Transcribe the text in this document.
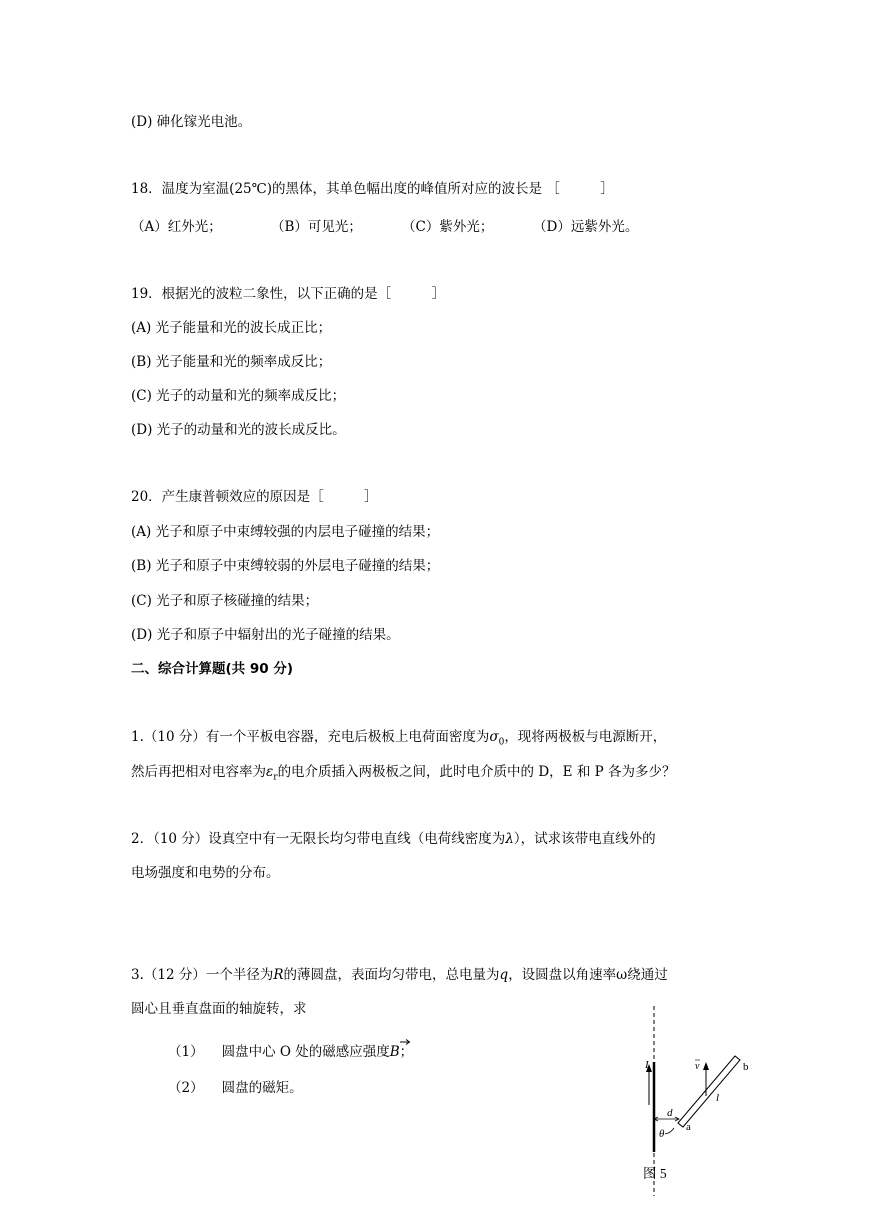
(D) 砷化镓光电池。
18．温度为室温(25℃)的黑体，其单色幅出度的峰值所对应的波长是 ［　　　］
（A）红外光；	（B）可见光；	（C）紫外光；	（D）远紫外光。
19．根据光的波粒二象性，以下正确的是［　　　］
(A) 光子能量和光的波长成正比；
(B) 光子能量和光的频率成反比；
(C) 光子的动量和光的频率成反比；
(D) 光子的动量和光的波长成反比。
20．产生康普顿效应的原因是［　　　］
(A) 光子和原子中束缚较强的内层电子碰撞的结果；
(B) 光子和原子中束缚较弱的外层电子碰撞的结果；
(C) 光子和原子核碰撞的结果；
(D) 光子和原子中辐射出的光子碰撞的结果。
二、综合计算题(共 90 分)
1.（10 分）有一个平板电容器，充电后极板上电荷面密度为$\sigma_0$，现将两极板与电源断开，
然后再把相对电容率为$\varepsilon_r$的电介质插入两极板之间，此时电介质中的 D，E 和 P 各为多少？
2．（10 分）设真空中有一无限长均匀带电直线（电荷线密度为λ），试求该带电直线外的
电场强度和电势的分布。
3.（12 分）一个半径为R的薄圆盘，表面均匀带电，总电量为q，设圆盘以角速率ω绕通过
圆心且垂直盘面的轴旋转，求
（1） 圆盘中心 O 处的磁感应强度B；
（2） 圆盘的磁矩。
I	v	b
l
d
θ
a
图 5
